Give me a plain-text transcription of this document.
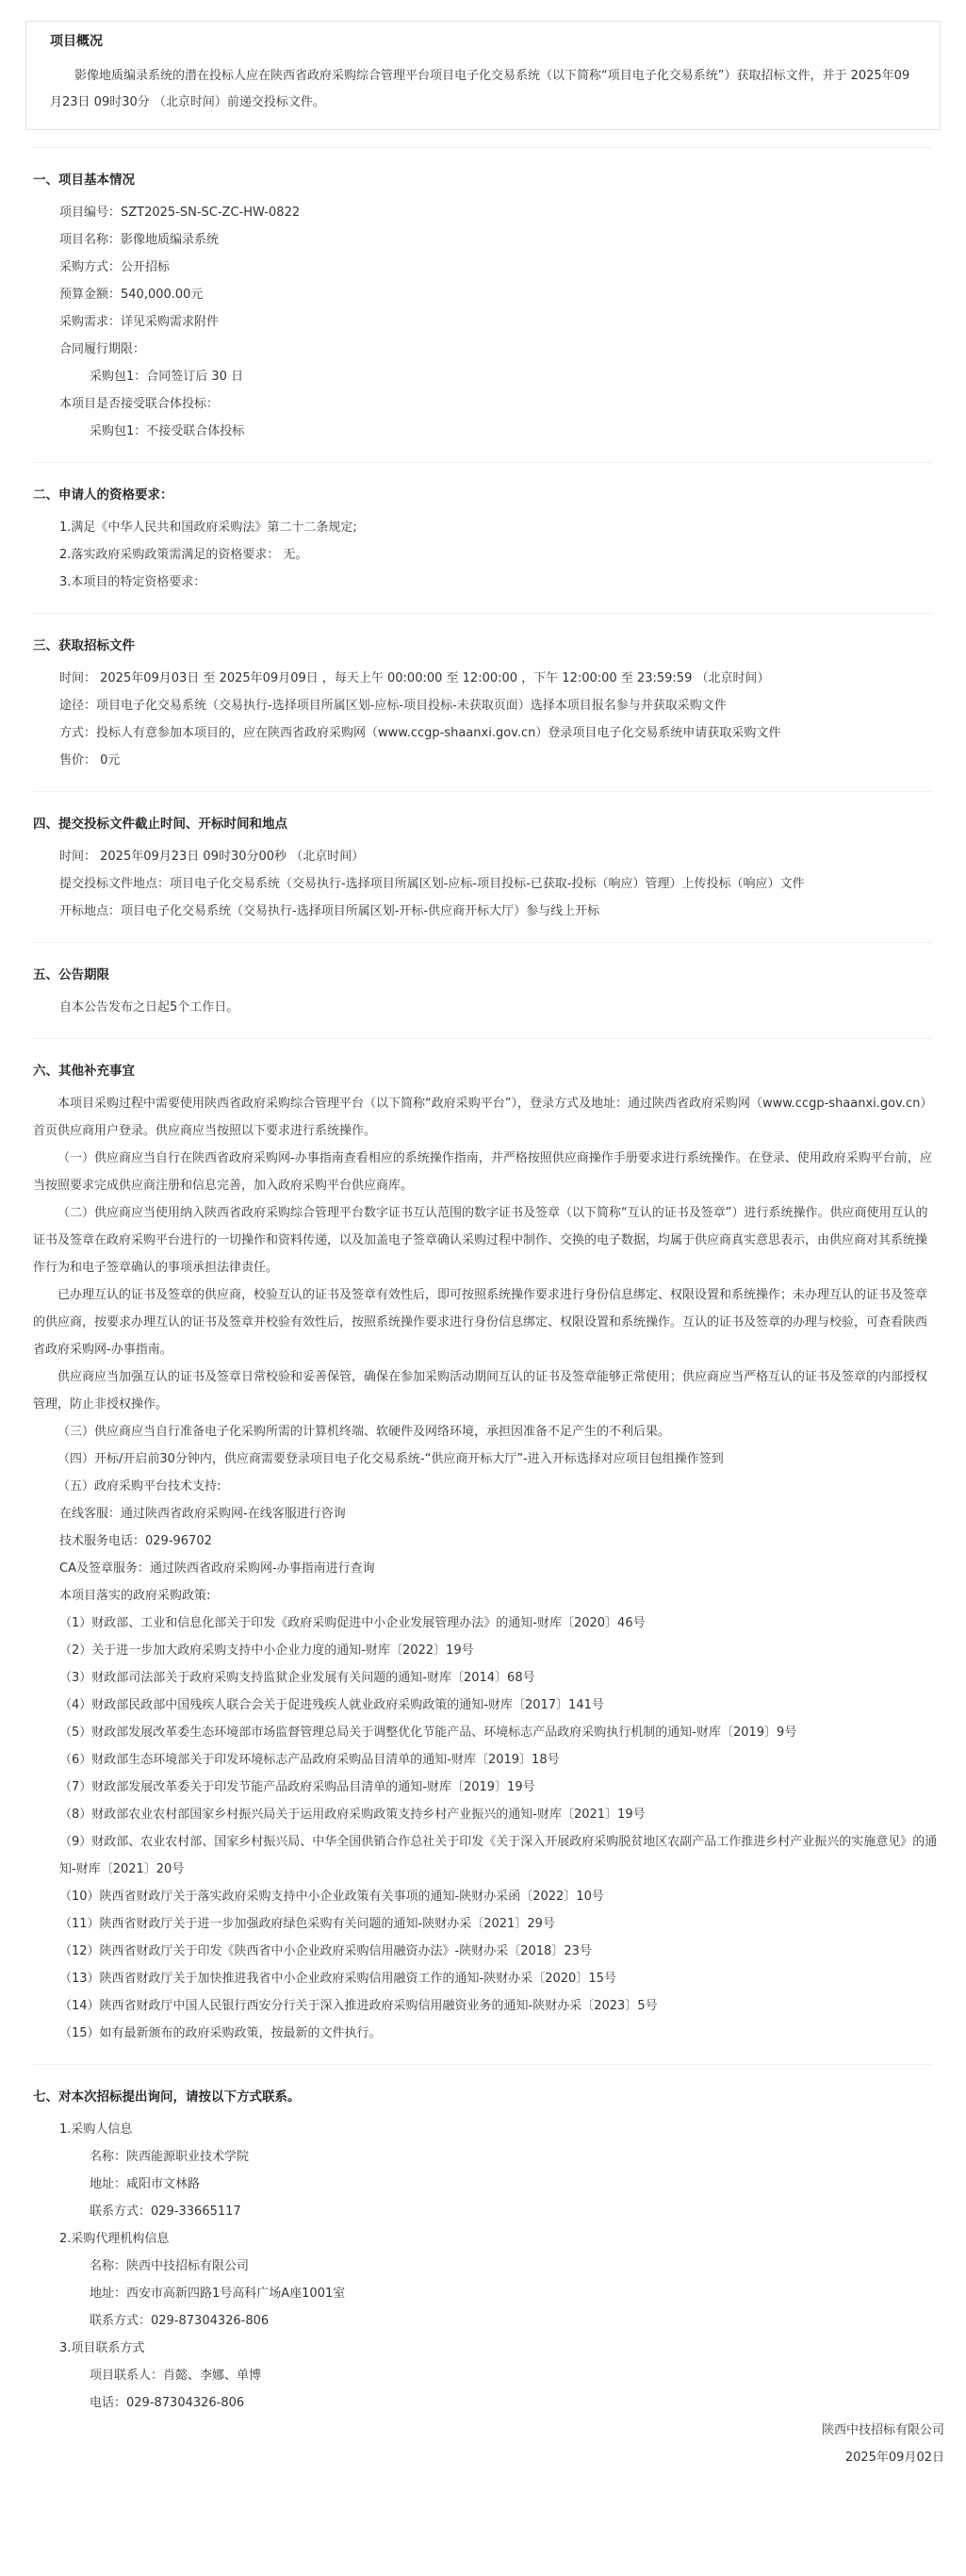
项目概况
影像地质编录系统的潜在投标人应在陕西省政府采购综合管理平台项目电子化交易系统（以下简称“项目电子化交易系统”）获取招标文件，并于 2025年09月23日 09时30分 （北京时间）前递交投标文件。
一、项目基本情况
项目编号：SZT2025-SN-SC-ZC-HW-0822
项目名称：影像地质编录系统
采购方式：公开招标
预算金额：540,000.00元
采购需求：详见采购需求附件
合同履行期限：
采购包1：合同签订后 30 日
本项目是否接受联合体投标：
采购包1：不接受联合体投标
二、申请人的资格要求：
1.满足《中华人民共和国政府采购法》第二十二条规定;
2.落实政府采购政策需满足的资格要求： 无。
3.本项目的特定资格要求：
三、获取招标文件
时间： 2025年09月03日 至 2025年09月09日 ，每天上午 00:00:00 至 12:00:00 ，下午 12:00:00 至 23:59:59 （北京时间）
途径：项目电子化交易系统（交易执行-选择项目所属区划-应标-项目投标-未获取页面）选择本项目报名参与并获取采购文件
方式：投标人有意参加本项目的，应在陕西省政府采购网（www.ccgp-shaanxi.gov.cn）登录项目电子化交易系统申请获取采购文件
售价： 0元
四、提交投标文件截止时间、开标时间和地点
时间： 2025年09月23日 09时30分00秒 （北京时间）
提交投标文件地点：项目电子化交易系统（交易执行-选择项目所属区划-应标-项目投标-已获取-投标（响应）管理）上传投标（响应）文件
开标地点：项目电子化交易系统（交易执行-选择项目所属区划-开标-供应商开标大厅）参与线上开标
五、公告期限
自本公告发布之日起5个工作日。
六、其他补充事宜
本项目采购过程中需要使用陕西省政府采购综合管理平台（以下简称“政府采购平台”），登录方式及地址：通过陕西省政府采购网（www.ccgp-shaanxi.gov.cn）首页供应商用户登录。供应商应当按照以下要求进行系统操作。
（一）供应商应当自行在陕西省政府采购网-办事指南查看相应的系统操作指南，并严格按照供应商操作手册要求进行系统操作。在登录、使用政府采购平台前，应当按照要求完成供应商注册和信息完善，加入政府采购平台供应商库。
（二）供应商应当使用纳入陕西省政府采购综合管理平台数字证书互认范围的数字证书及签章（以下简称“互认的证书及签章”）进行系统操作。供应商使用互认的证书及签章在政府采购平台进行的一切操作和资料传递，以及加盖电子签章确认采购过程中制作、交换的电子数据，均属于供应商真实意思表示，由供应商对其系统操作行为和电子签章确认的事项承担法律责任。
已办理互认的证书及签章的供应商，校验互认的证书及签章有效性后，即可按照系统操作要求进行身份信息绑定、权限设置和系统操作；未办理互认的证书及签章的供应商，按要求办理互认的证书及签章并校验有效性后，按照系统操作要求进行身份信息绑定、权限设置和系统操作。互认的证书及签章的办理与校验，可查看陕西省政府采购网-办事指南。
供应商应当加强互认的证书及签章日常校验和妥善保管，确保在参加采购活动期间互认的证书及签章能够正常使用；供应商应当严格互认的证书及签章的内部授权管理，防止非授权操作。
（三）供应商应当自行准备电子化采购所需的计算机终端、软硬件及网络环境，承担因准备不足产生的不利后果。
（四）开标/开启前30分钟内，供应商需要登录项目电子化交易系统-“供应商开标大厅”-进入开标选择对应项目包组操作签到
（五）政府采购平台技术支持:
在线客服：通过陕西省政府采购网-在线客服进行咨询
技术服务电话：029-96702
CA及签章服务：通过陕西省政府采购网-办事指南进行查询
本项目落实的政府采购政策:
（1）财政部、工业和信息化部关于印发《政府采购促进中小企业发展管理办法》的通知-财库〔2020〕46号
（2）关于进一步加大政府采购支持中小企业力度的通知-财库〔2022〕19号
（3）财政部司法部关于政府采购支持监狱企业发展有关问题的通知-财库〔2014〕68号
（4）财政部民政部中国残疾人联合会关于促进残疾人就业政府采购政策的通知-财库〔2017〕141号
（5）财政部发展改革委生态环境部市场监督管理总局关于调整优化节能产品、环境标志产品政府采购执行机制的通知-财库〔2019〕9号
（6）财政部生态环境部关于印发环境标志产品政府采购品目清单的通知-财库〔2019〕18号
（7）财政部发展改革委关于印发节能产品政府采购品目清单的通知-财库〔2019〕19号
（8）财政部农业农村部国家乡村振兴局关于运用政府采购政策支持乡村产业振兴的通知-财库〔2021〕19号
（9）财政部、农业农村部、国家乡村振兴局、中华全国供销合作总社关于印发《关于深入开展政府采购脱贫地区农副产品工作推进乡村产业振兴的实施意见》的通知-财库〔2021〕20号
（10）陕西省财政厅关于落实政府采购支持中小企业政策有关事项的通知-陕财办采函〔2022〕10号
（11）陕西省财政厅关于进一步加强政府绿色采购有关问题的通知-陕财办采〔2021〕29号
（12）陕西省财政厅关于印发《陕西省中小企业政府采购信用融资办法》-陕财办采〔2018〕23号
（13）陕西省财政厅关于加快推进我省中小企业政府采购信用融资工作的通知-陕财办采〔2020〕15号
（14）陕西省财政厅中国人民银行西安分行关于深入推进政府采购信用融资业务的通知-陕财办采〔2023〕5号
（15）如有最新颁布的政府采购政策，按最新的文件执行。
七、对本次招标提出询问，请按以下方式联系。
1.采购人信息
名称：陕西能源职业技术学院
地址：咸阳市文林路
联系方式：029-33665117
2.采购代理机构信息
名称：陕西中技招标有限公司
地址：西安市高新四路1号高科广场A座1001室
联系方式：029-87304326-806
3.项目联系方式
项目联系人：肖懿、李娜、单博
电话：029-87304326-806
陕西中技招标有限公司
2025年09月02日
